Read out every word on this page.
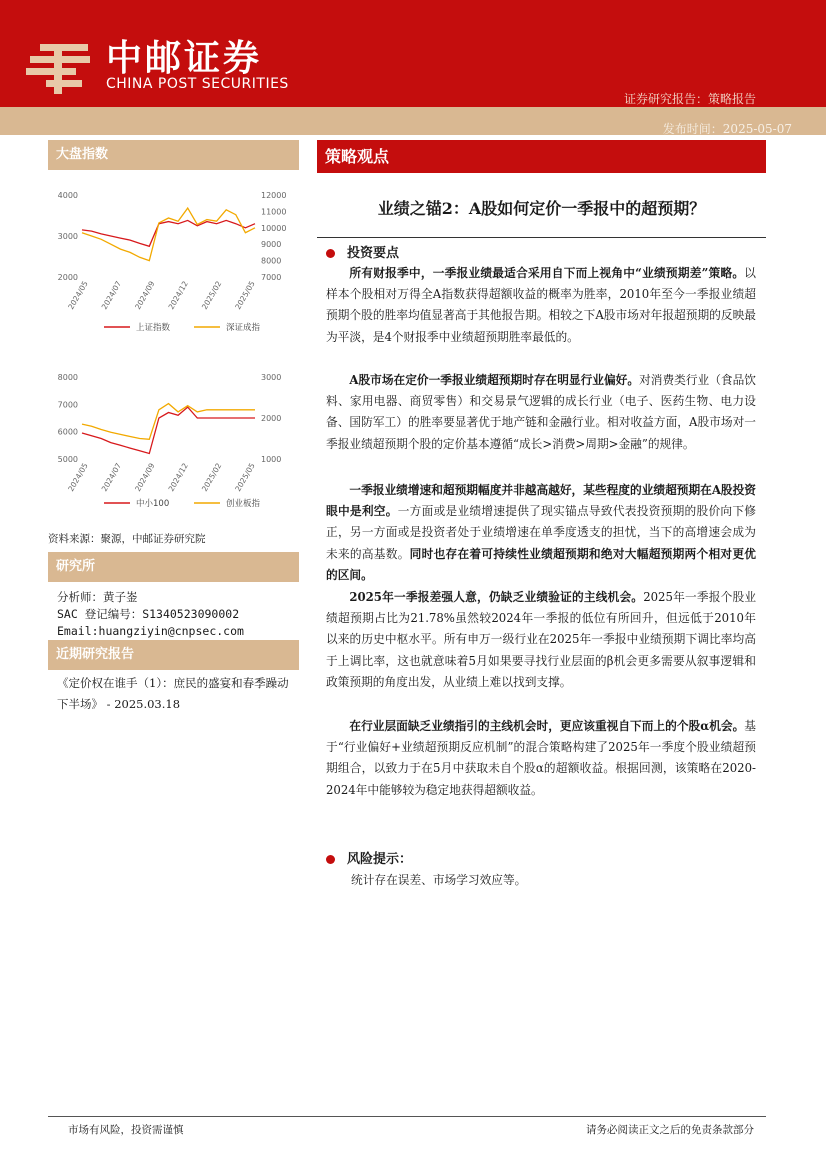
中邮证券
CHINA POST SECURITIES
证券研究报告：策略报告
发布时间：2025-05-07
大盘指数
4000
3000
2000
12000
11000
10000
9000
8000
7000
2024/05 2024/07 2024/09 2024/12 2025/02 2025/05
上证指数	深证成指
8000
7000
6000
5000
3000
2000
1000
2024/05 2024/07 2024/09 2024/12 2025/02 2025/05
中小100	创业板指
资料来源：聚源，中邮证券研究院
研究所
分析师：黄子崟
SAC 登记编号：S1340523090002
Email:huangziyin@cnpsec.com
近期研究报告
《定价权在谁手（1）：庶民的盛宴和春季躁动下半场》 - 2025.03.18
策略观点
业绩之锚2：A股如何定价一季报中的超预期？
投资要点
所有财报季中，一季报业绩最适合采用自下而上视角中“业绩预期差”策略。以样本个股相对万得全A指数获得超额收益的概率为胜率，2010年至今一季报业绩超预期个股的胜率均值显著高于其他报告期。相较之下A股市场对年报超预期的反映最为平淡，是4个财报季中业绩超预期胜率最低的。
A股市场在定价一季报业绩超预期时存在明显行业偏好。对消费类行业（食品饮料、家用电器、商贸零售）和交易景气逻辑的成长行业（电子、医药生物、电力设备、国防军工）的胜率要显著优于地产链和金融行业。相对收益方面，A股市场对一季报业绩超预期个股的定价基本遵循“成长>消费>周期>金融”的规律。
一季报业绩增速和超预期幅度并非越高越好，某些程度的业绩超预期在A股投资眼中是利空。一方面或是业绩增速提供了现实锚点导致代表投资预期的股价向下修正，另一方面或是投资者处于业绩增速在单季度透支的担忧，当下的高增速会成为未来的高基数。同时也存在着可持续性业绩超预期和绝对大幅超预期两个相对更优的区间。
2025年一季报差强人意，仍缺乏业绩验证的主线机会。2025年一季报个股业绩超预期占比为21.78%虽然较2024年一季报的低位有所回升，但远低于2010年以来的历史中枢水平。所有申万一级行业在2025年一季报中业绩预期下调比率均高于上调比率，这也就意味着5月如果要寻找行业层面的β机会更多需要从叙事逻辑和政策预期的角度出发，从业绩上难以找到支撑。
在行业层面缺乏业绩指引的主线机会时，更应该重视自下而上的个股α机会。基于“行业偏好+业绩超预期反应机制”的混合策略构建了2025年一季度个股业绩超预期组合，以致力于在5月中获取未自个股α的超额收益。根据回测，该策略在2020-2024年中能够较为稳定地获得超额收益。
风险提示：
统计存在误差、市场学习效应等。
市场有风险，投资需谨慎	请务必阅读正文之后的免责条款部分
